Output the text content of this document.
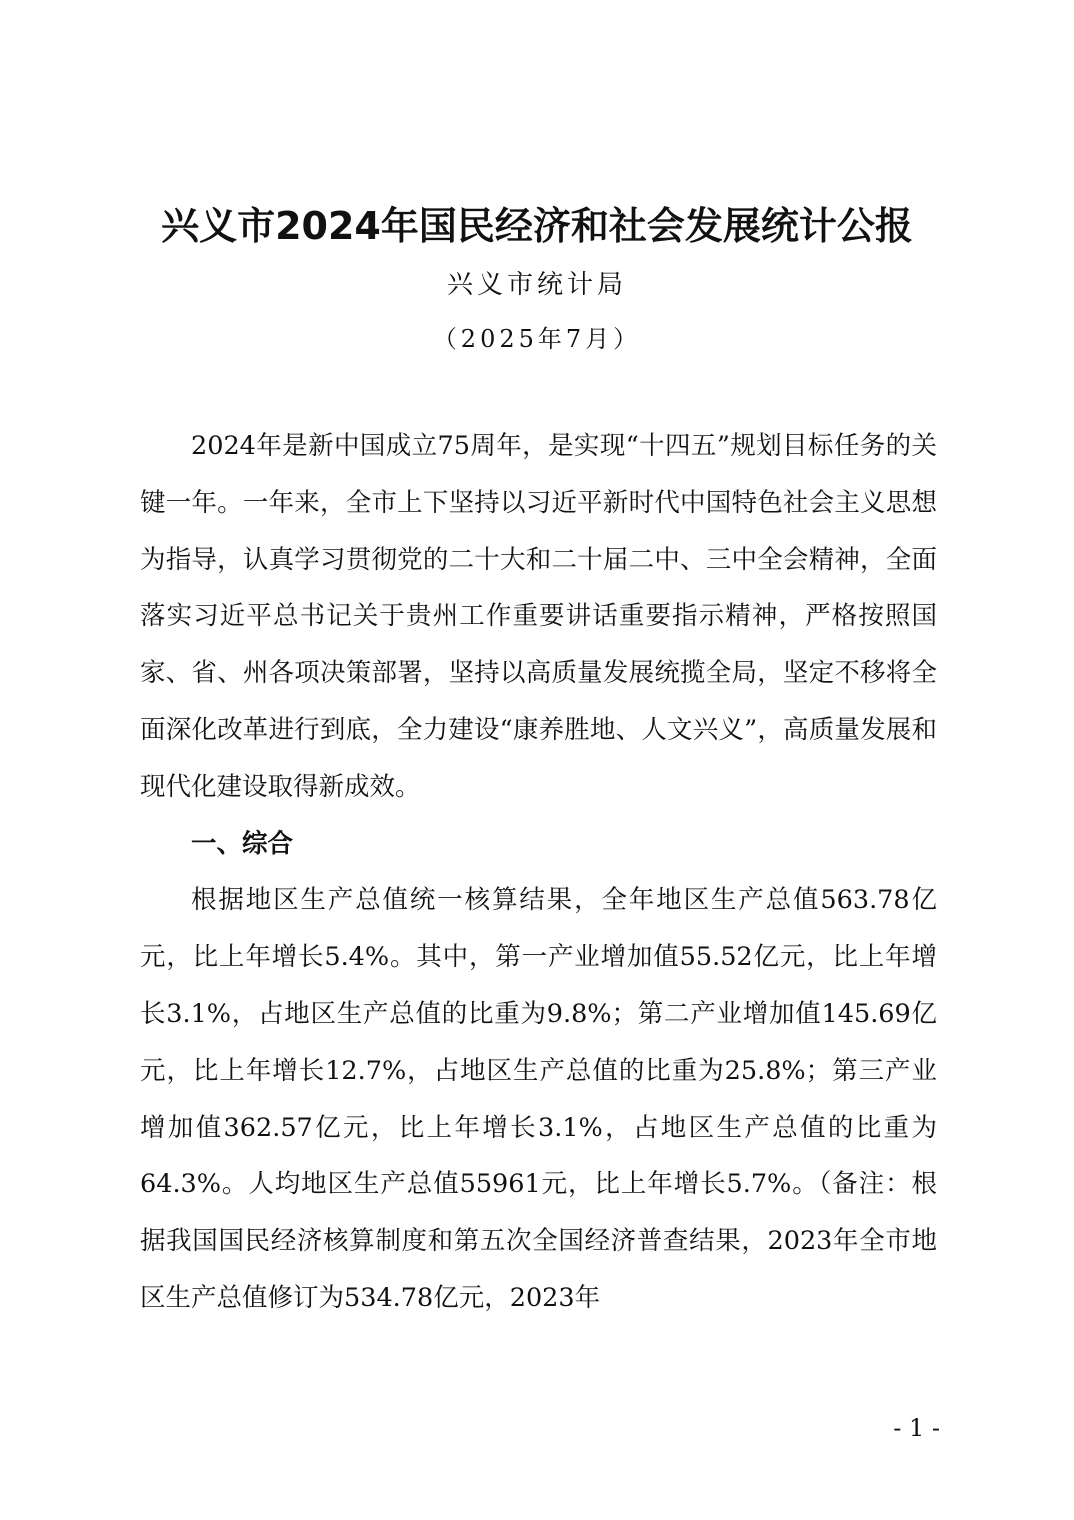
兴义市2024年国民经济和社会发展统计公报
兴义市统计局
（2025年7月）

2024年是新中国成立75周年，是实现“十四五”规划目标任务的关键一年。一年来，全市上下坚持以习近平新时代中国特色社会主义思想为指导，认真学习贯彻党的二十大和二十届二中、三中全会精神，全面落实习近平总书记关于贵州工作重要讲话重要指示精神，严格按照国家、省、州各项决策部署，坚持以高质量发展统揽全局，坚定不移将全面深化改革进行到底，全力建设“康养胜地、人文兴义”，高质量发展和现代化建设取得新成效。

一、综合

根据地区生产总值统一核算结果，全年地区生产总值563.78亿元，比上年增长5.4%。其中，第一产业增加值55.52亿元，比上年增长3.1%，占地区生产总值的比重为9.8%；第二产业增加值145.69亿元，比上年增长12.7%，占地区生产总值的比重为25.8%；第三产业增加值362.57亿元，比上年增长3.1%，占地区生产总值的比重为64.3%。人均地区生产总值55961元，比上年增长5.7%。（备注：根据我国国民经济核算制度和第五次全国经济普查结果，2023年全市地区生产总值修订为534.78亿元，2023年

- 1 -
